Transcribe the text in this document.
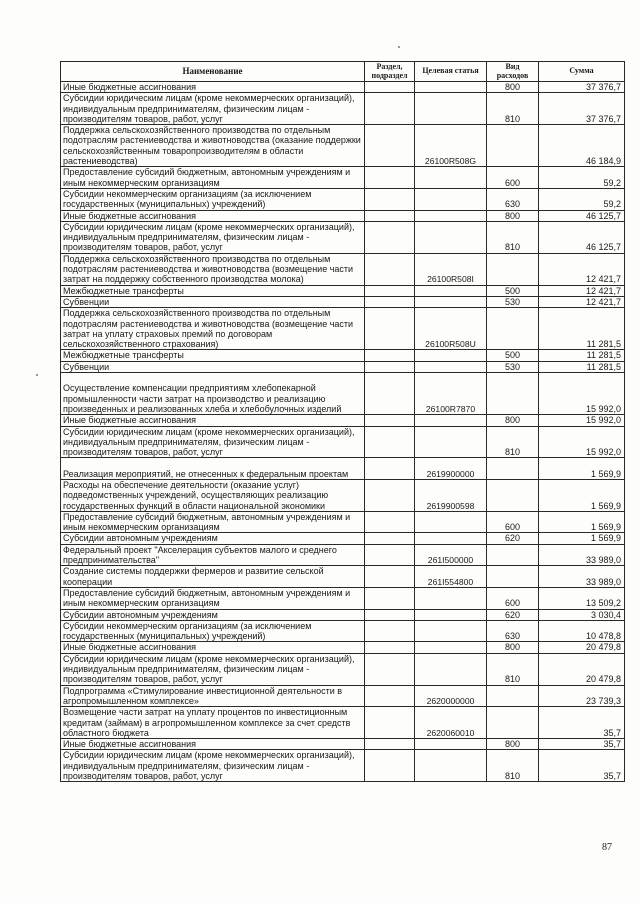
Наименование	Раздел, подраздел	Целевая статья	Вид расходов	Сумма
Иные бюджетные ассигнования			800	37 376,7
Субсидии юридическим лицам (кроме некоммерческих организаций), индивидуальным предпринимателям, физическим лицам - производителям товаров, работ, услуг			810	37 376,7
Поддержка сельскохозяйственного производства по отдельным подотраслям растениеводства и животноводства (оказание поддержки сельскохозяйственным товаропроизводителям в области растениеводства)		26100R508G		46 184,9
Предоставление субсидий бюджетным, автономным учреждениям и иным некоммерческим организациям			600	59,2
Субсидии некоммерческим организациям (за исключением государственных (муниципальных) учреждений)			630	59,2
Иные бюджетные ассигнования			800	46 125,7
Субсидии юридическим лицам (кроме некоммерческих организаций), индивидуальным предпринимателям, физическим лицам - производителям товаров, работ, услуг			810	46 125,7
Поддержка сельскохозяйственного производства по отдельным подотраслям растениеводства и животноводства (возмещение части затрат на поддержку собственного производства молока)		26100R508I		12 421,7
Межбюджетные трансферты			500	12 421,7
Субвенции			530	12 421,7
Поддержка сельскохозяйственного производства по отдельным подотраслям растениеводства и животноводства (возмещение части затрат на уплату страховых премий по договорам сельскохозяйственного страхования)		26100R508U		11 281,5
Межбюджетные трансферты			500	11 281,5
Субвенции			530	11 281,5
Осуществление компенсации предприятиям хлебопекарной промышленности части затрат на производство и реализацию произведенных и реализованных хлеба и хлебобулочных изделий		26100R7870		15 992,0
Иные бюджетные ассигнования			800	15 992,0
Субсидии юридическим лицам (кроме некоммерческих организаций), индивидуальным предпринимателям, физическим лицам - производителям товаров, работ, услуг			810	15 992,0
Реализация мероприятий, не отнесенных к федеральным проектам		2619900000		1 569,9
Расходы на обеспечение деятельности (оказание услуг) подведомственных учреждений, осуществляющих реализацию государственных функций в области национальной экономики		2619900598		1 569,9
Предоставление субсидий бюджетным, автономным учреждениям и иным некоммерческим организациям			600	1 569,9
Субсидии автономным учреждениям			620	1 569,9
Федеральный проект "Акселерация субъектов малого и среднего предпринимательства"		261I500000		33 989,0
Создание системы поддержки фермеров и развитие сельской кооперации		261I554800		33 989,0
Предоставление субсидий бюджетным, автономным учреждениям и иным некоммерческим организациям			600	13 509,2
Субсидии автономным учреждениям			620	3 030,4
Субсидии некоммерческим организациям (за исключением государственных (муниципальных) учреждений)			630	10 478,8
Иные бюджетные ассигнования			800	20 479,8
Субсидии юридическим лицам (кроме некоммерческих организаций), индивидуальным предпринимателям, физическим лицам - производителям товаров, работ, услуг			810	20 479,8
Подпрограмма «Стимулирование инвестиционной деятельности в агропромышленном комплексе»		2620000000		23 739,3
Возмещение части затрат на уплату процентов по инвестиционным кредитам (займам) в агропромышленном комплексе за счет средств областного бюджета		2620060010		35,7
Иные бюджетные ассигнования			800	35,7
Субсидии юридическим лицам (кроме некоммерческих организаций), индивидуальным предпринимателям, физическим лицам - производителям товаров, работ, услуг			810	35,7
87
